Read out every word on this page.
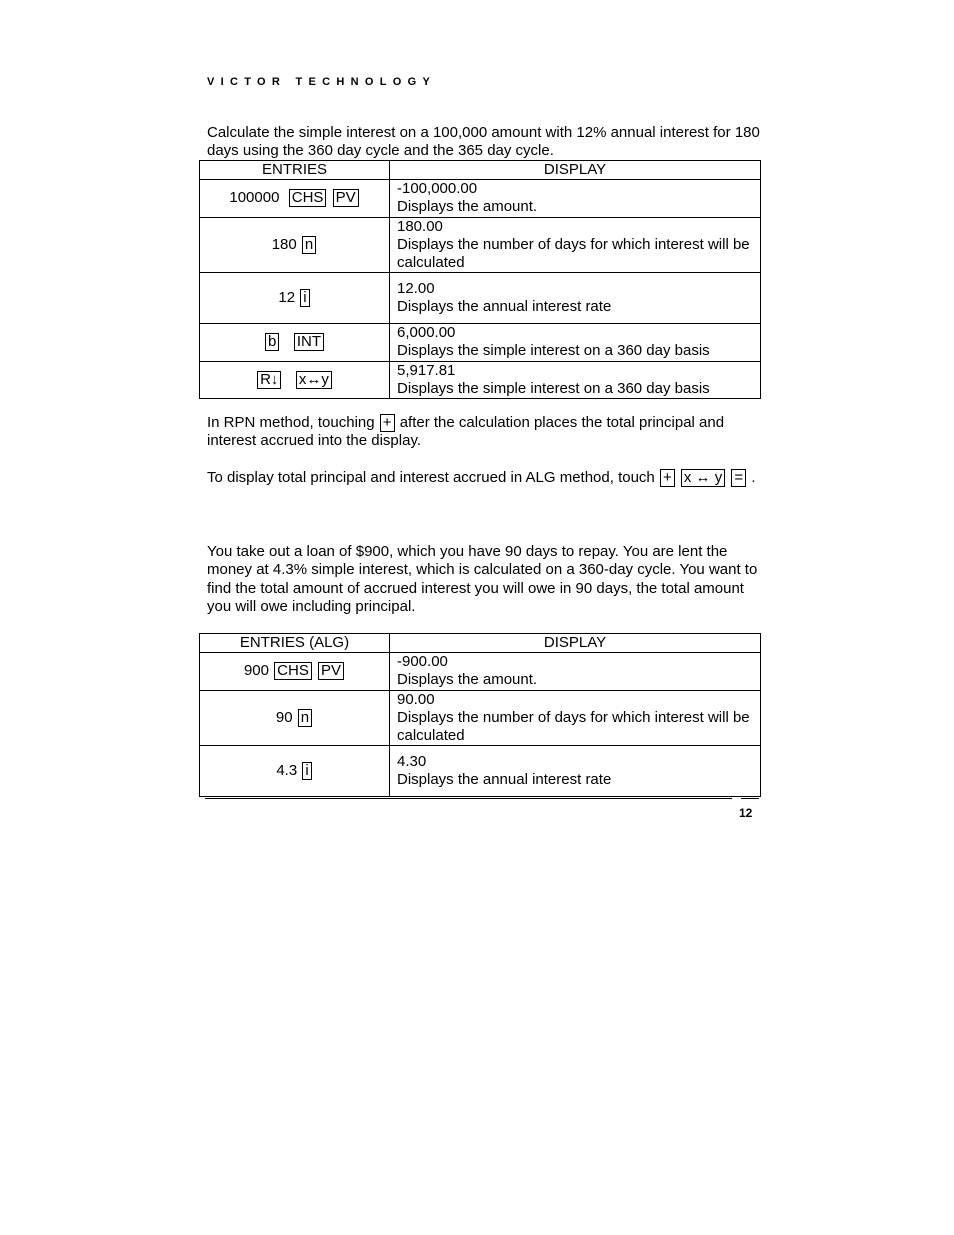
VICTOR TECHNOLOGY
Calculate the simple interest on a 100,000 amount with 12% annual interest for 180 days using the 360 day cycle and the 365 day cycle.
ENTRIES	DISPLAY
100000 CHS PV	-100,000.00
Displays the amount.

180 n	180.00
Displays the number of days for which interest will be calculated

12 i	12.00
Displays the annual interest rate

b INT	6,000.00
Displays the simple interest on a 360 day basis

R↓ x↔y	5,917.81
Displays the simple interest on a 360 day basis
In RPN method, touching + after the calculation places the total principal and interest accrued into the display.
To display total principal and interest accrued in ALG method, touch + x ↔ y = .
You take out a loan of $900, which you have 90 days to repay. You are lent the money at 4.3% simple interest, which is calculated on a 360-day cycle. You want to find the total amount of accrued interest you will owe in 90 days, the total amount you will owe including principal.
ENTRIES (ALG)	DISPLAY
900 CHS PV	-900.00
Displays the amount.

90 n	90.00
Displays the number of days for which interest will be calculated

4.3 i	4.30
Displays the annual interest rate
12
